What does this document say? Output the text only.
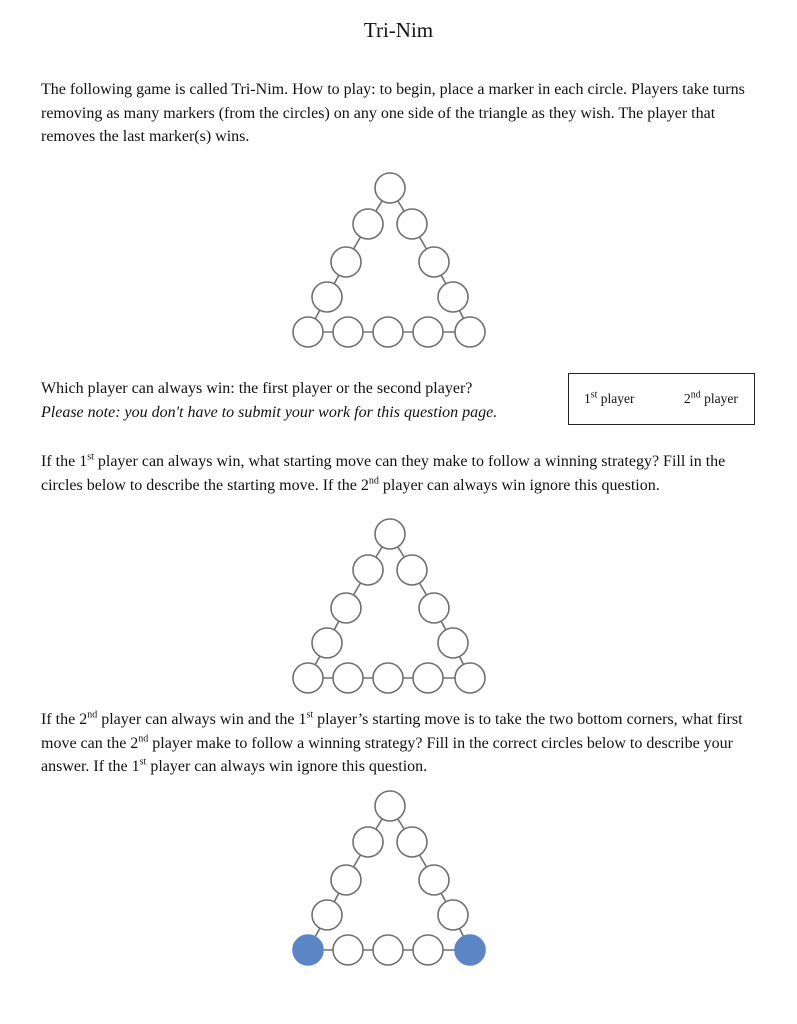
Tri-Nim

The following game is called Tri-Nim. How to play: to begin, place a marker in each circle. Players take turns removing as many markers (from the circles) on any one side of the triangle as they wish. The player that removes the last marker(s) wins.

Which player can always win: the first player or the second player?
Please note: you don't have to submit your work for this question page.
1st player	2nd player

If the 1st player can always win, what starting move can they make to follow a winning strategy? Fill in the circles below to describe the starting move. If the 2nd player can always win ignore this question.

If the 2nd player can always win and the 1st player’s starting move is to take the two bottom corners, what first move can the 2nd player make to follow a winning strategy? Fill in the correct circles below to describe your answer. If the 1st player can always win ignore this question.
